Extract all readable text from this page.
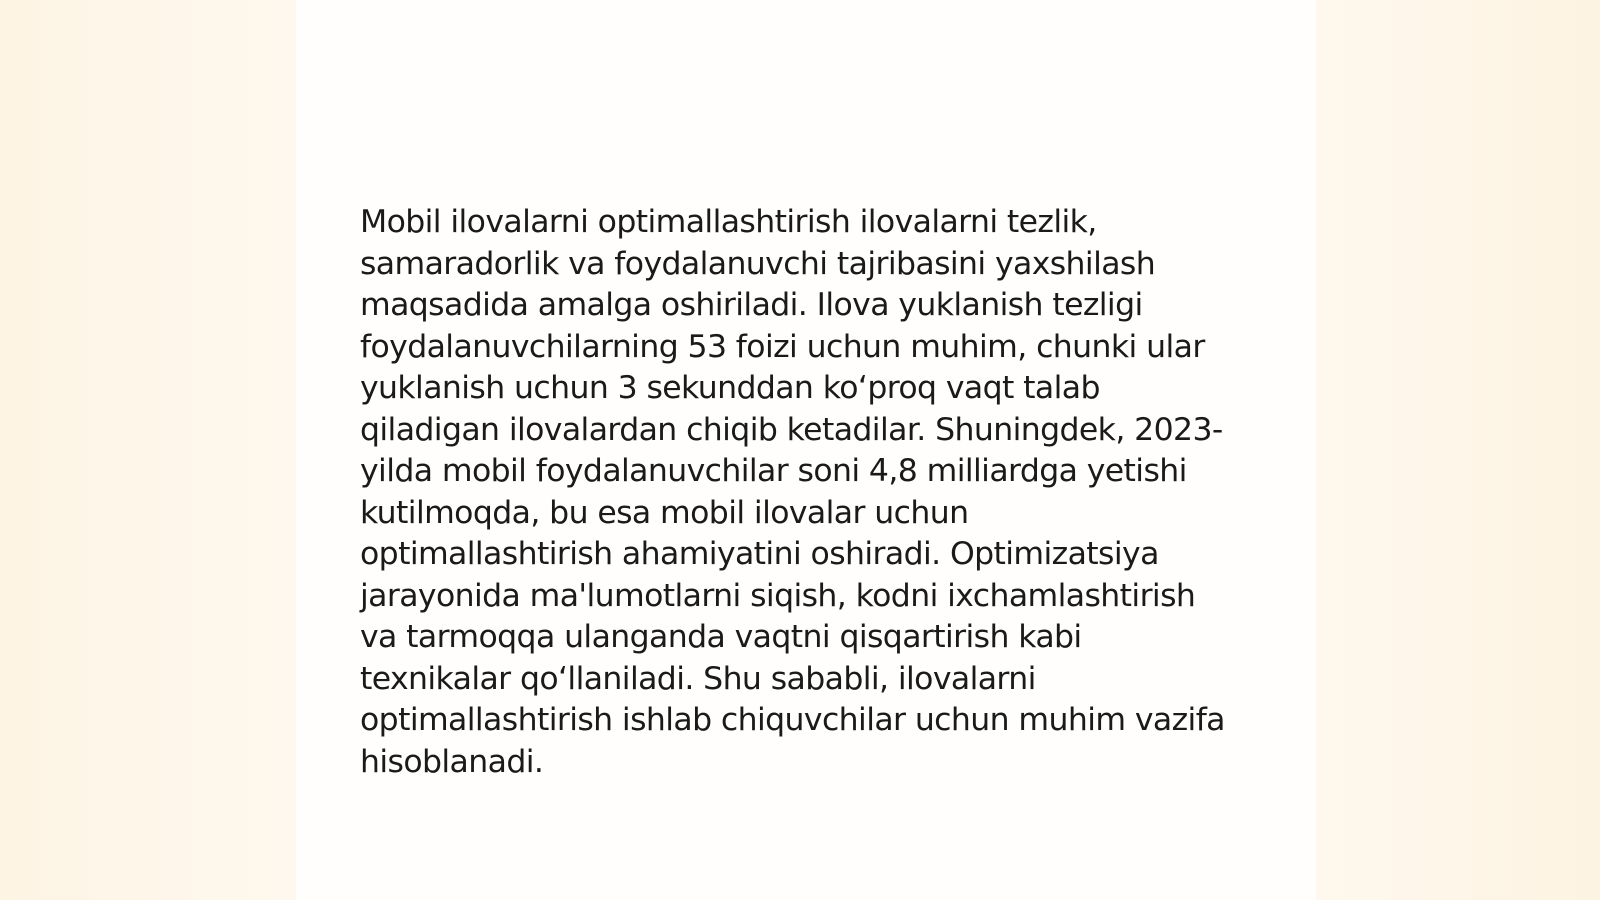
Mobil ilovalarni optimallashtirish ilovalarni tezlik, samaradorlik va foydalanuvchi tajribasini yaxshilash maqsadida amalga oshiriladi. Ilova yuklanish tezligi foydalanuvchilarning 53 foizi uchun muhim, chunki ular yuklanish uchun 3 sekunddan ko‘proq vaqt talab qiladigan ilovalardan chiqib ketadilar. Shuningdek, 2023-yilda mobil foydalanuvchilar soni 4,8 milliardga yetishi kutilmoqda, bu esa mobil ilovalar uchun optimallashtirish ahamiyatini oshiradi. Optimizatsiya jarayonida ma'lumotlarni siqish, kodni ixchamlashtirish va tarmoqqa ulanganda vaqtni qisqartirish kabi texnikalar qo‘llaniladi. Shu sababli, ilovalarni optimallashtirish ishlab chiquvchilar uchun muhim vazifa hisoblanadi.
